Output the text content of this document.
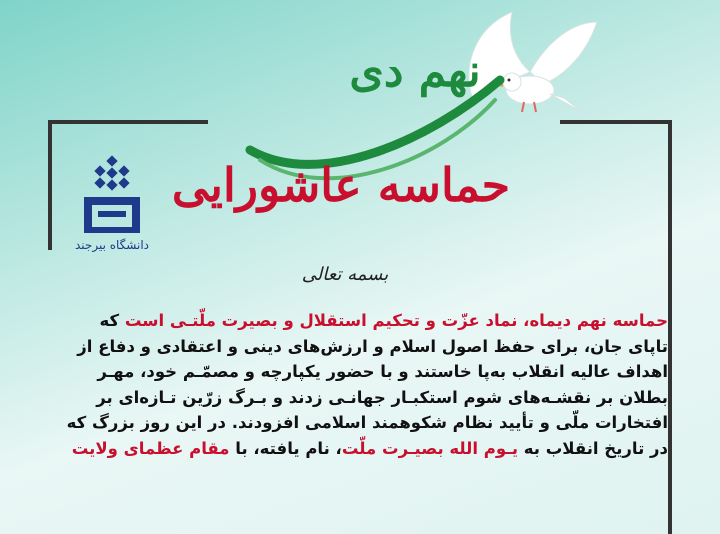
نهم دی
حماسه عاشورایی
دانشگاه بیرجند
بسمه تعالی
حماسه نهم دیماه، نماد عزّت و تحکیم استقلال و بصیرت ملّتـی است که
تاپای جان، برای حفظ اصول اسلام و ارزش‌های دینی و اعتقادی و دفاع از
اهداف عالیه انقلاب به‌پا خاستند و با حضور یکپارچه و مصمّـم خود، مهـر
بطلان بر نقشـه‌های شوم استکبـار جهانـی زدند و بـرگ زرّین تـازه‌ای بر
افتخارات ملّی و تأیید نظام شکوهمند اسلامی افزودند. در این روز بزرگ که
در تاریخ انقلاب به یـوم الله بصیـرت ملّت، نام یافته، با مقام عظمای ولایت
